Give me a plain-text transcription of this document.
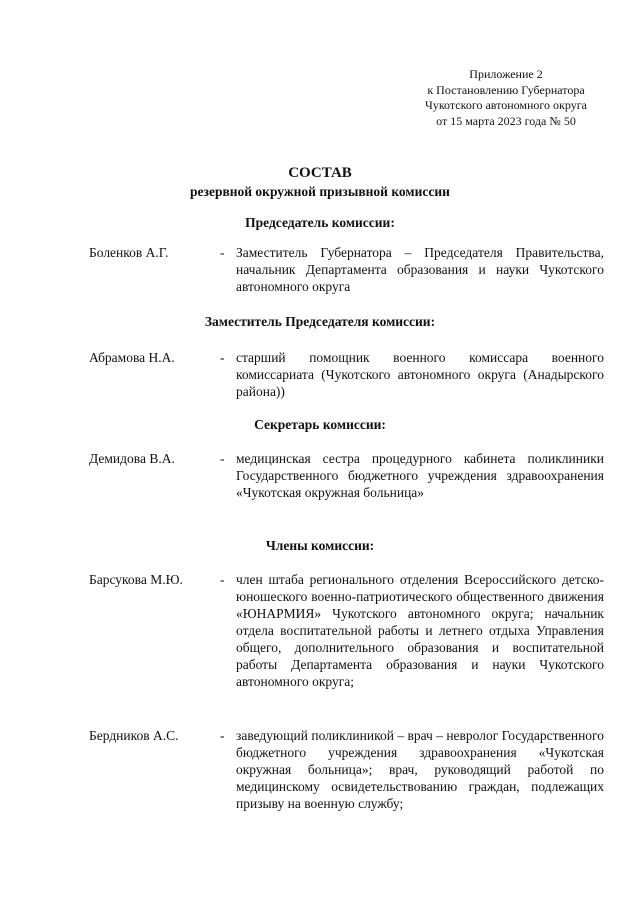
Приложение 2
к Постановлению Губернатора
Чукотского автономного округа
от 15 марта 2023 года № 50
СОСТАВ
резервной окружной призывной комиссии
Председатель комиссии:
Боленков А.Г.	- Заместитель Губернатора – Председателя Правительства, начальник Департамента образования и науки Чукотского автономного округа
Заместитель Председателя комиссии:
Абрамова Н.А.	- старший помощник военного комиссара военного комиссариата (Чукотского автономного округа (Анадырского района))
Секретарь комиссии:
Демидова В.А.	- медицинская сестра процедурного кабинета поликлиники Государственного бюджетного учреждения здравоохранения «Чукотская окружная больница»
Члены комиссии:
Барсукова М.Ю.	- член штаба регионального отделения Всероссийского детско-юношеского военно-патриотического общественного движения «ЮНАРМИЯ» Чукотского автономного округа; начальник отдела воспитательной работы и летнего отдыха Управления общего, дополнительного образования и воспитательной работы Департамента образования и науки Чукотского автономного округа;
Бердников А.С.	- заведующий поликлиникой – врач – невролог Государственного бюджетного учреждения здравоохранения «Чукотская окружная больница»; врач, руководящий работой по медицинскому освидетельствованию граждан, подлежащих призыву на военную службу;
